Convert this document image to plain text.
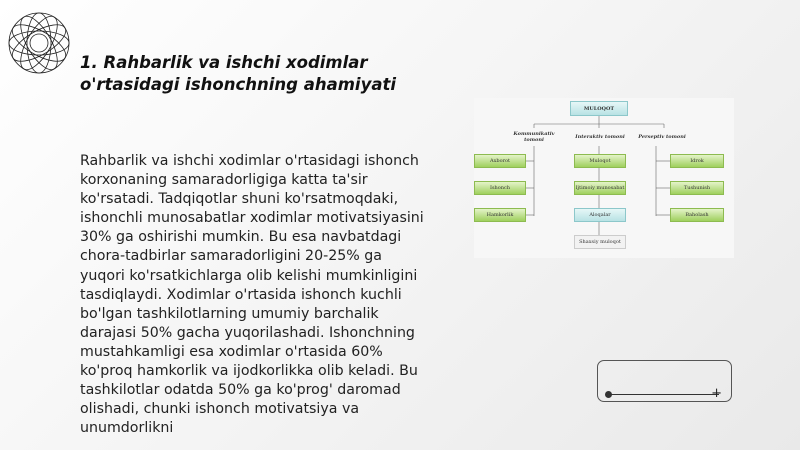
1. Rahbarlik va ishchi xodimlar
o'rtasidagi ishonchning ahamiyati

Rahbarlik va ishchi xodimlar o'rtasidagi ishonch korxonaning samaradorligiga katta ta'sir ko'rsatadi. Tadqiqotlar shuni ko'rsatmoqdaki, ishonchli munosabatlar xodimlar motivatsiyasini 30% ga oshirishi mumkin. Bu esa navbatdagi chora-tadbirlar samaradorligini 20-25% ga yuqori ko'rsatkichlarga olib kelishi mumkinligini tasdiqlaydi. Xodimlar o'rtasida ishonch kuchli bo'lgan tashkilotlarning umumiy barchalik darajasi 50% gacha yuqorilashadi. Ishonchning mustahkamligi esa xodimlar o'rtasida 60% ko'proq hamkorlik va ijodkorlikka olib keladi. Bu tashkilotlar odatda 50% ga ko'prog' daromad olishadi, chunki ishonch motivatsiya va unumdorlikni

MULOQOT
Kommunikativ tomoni	Interaktiv tomoni	Perseptiv tomoni
Axborot
Ishonch
Hamkorlik
Muloqot
Ijtimoiy munosabat
Aloqalar
Shaxsiy muloqot
Idrok
Tushunish
Baholash
+
